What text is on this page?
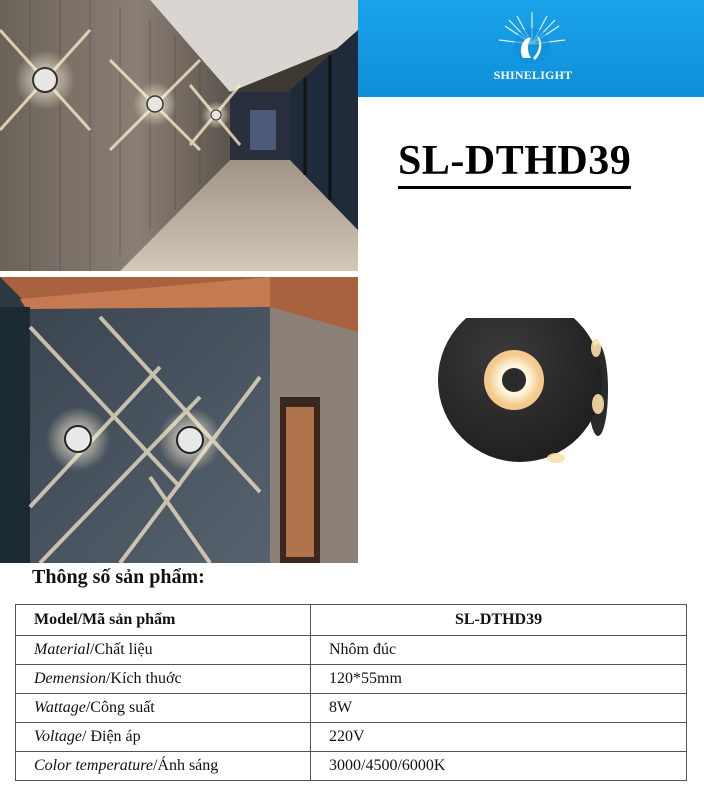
SHINELIGHT
SL-DTHD39
Thông số sản phẩm:
Model/Mã sản phẩm	SL-DTHD39
Material/Chất liệu	Nhôm đúc
Demension/Kích thuớc	120*55mm
Wattage/Công suất	8W
Voltage/ Điện áp	220V
Color temperature/Ánh sáng	3000/4500/6000K
